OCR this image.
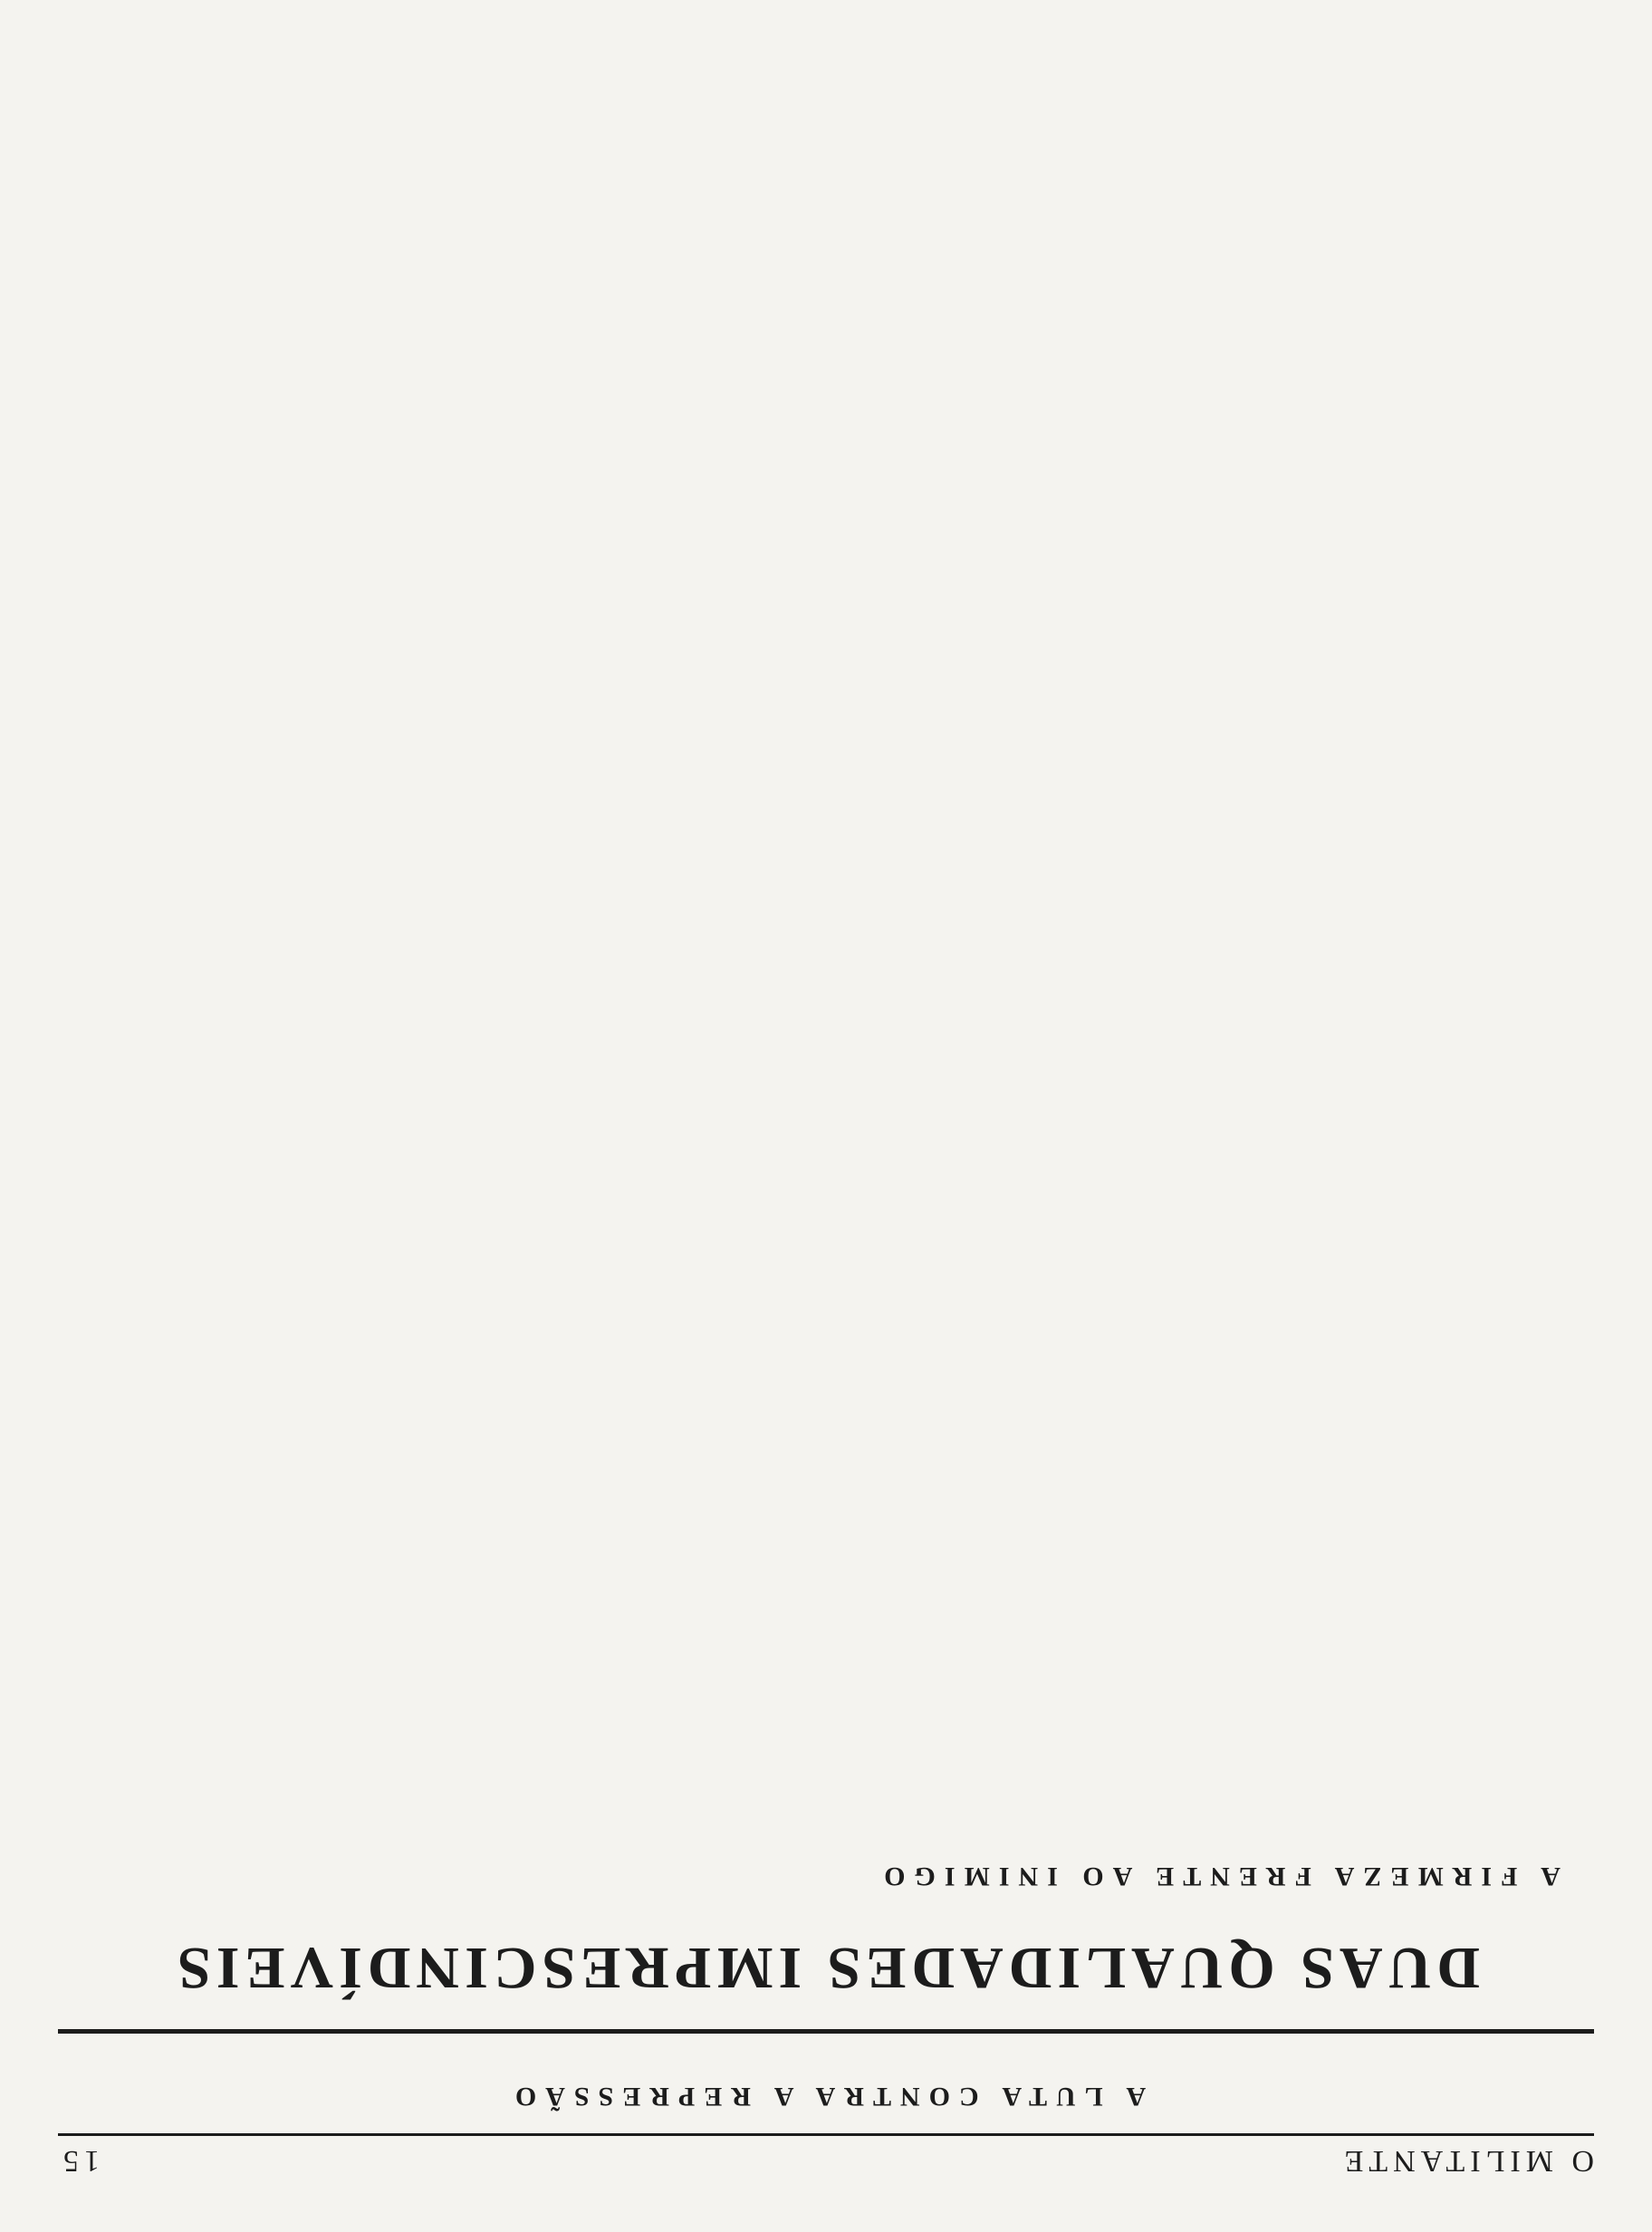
O MILITANTE
15
A LUTA CONTRA A REPRESSÃO

DUAS QUALIDADES IMPRESCINDÍVEIS

A FIRMEZA FRENTE AO INIMIGO
